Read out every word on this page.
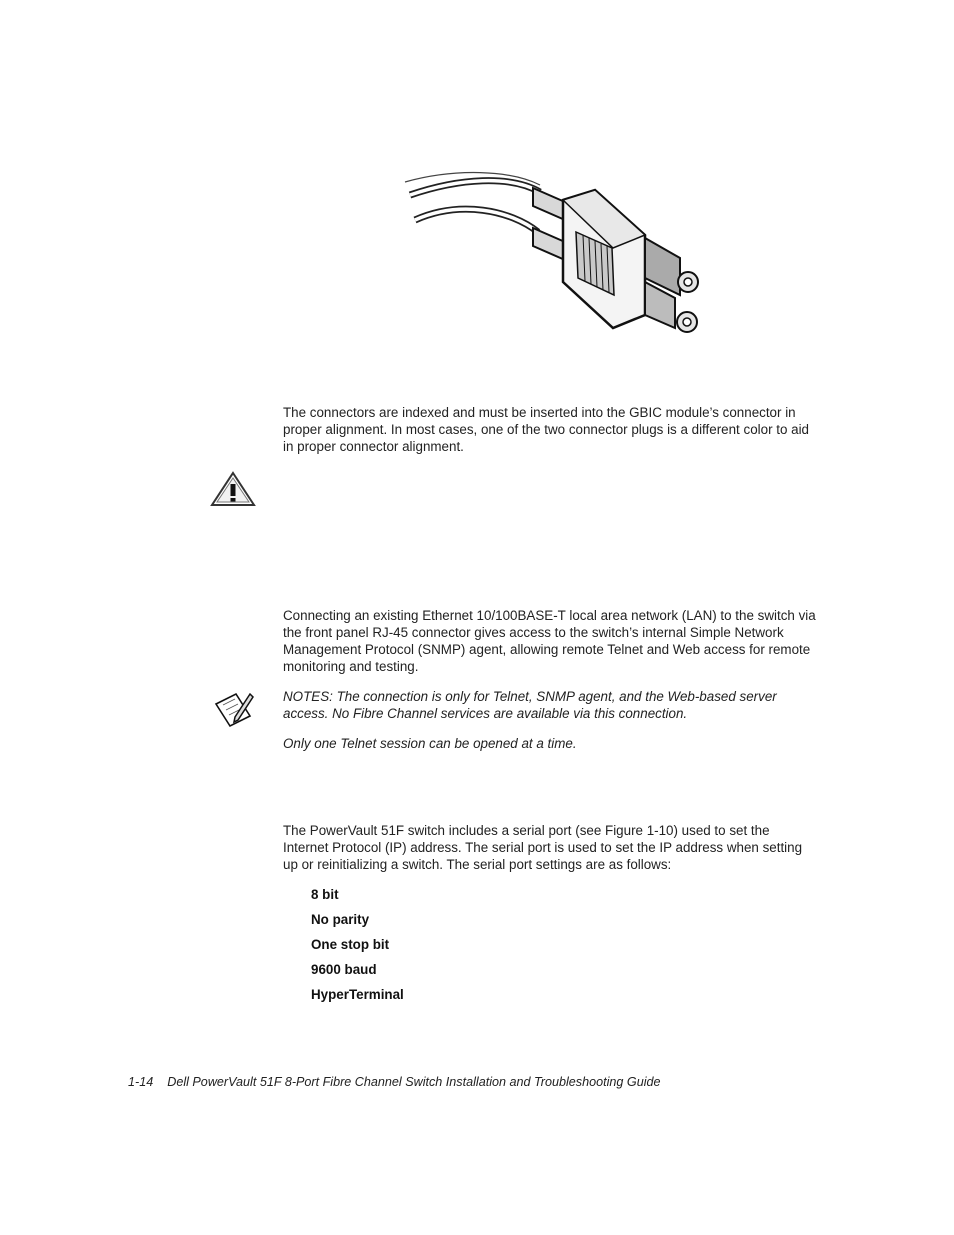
The connectors are indexed and must be inserted into the GBIC module’s connector in proper alignment. In most cases, one of the two connector plugs is a different color to aid in proper connector alignment.

Connecting an existing Ethernet 10/100BASE-T local area network (LAN) to the switch via the front panel RJ-45 connector gives access to the switch’s internal Simple Network Management Protocol (SNMP) agent, allowing remote Telnet and Web access for remote monitoring and testing.

NOTES: The connection is only for Telnet, SNMP agent, and the Web-based server access. No Fibre Channel services are available via this connection.

Only one Telnet session can be opened at a time.

The PowerVault 51F switch includes a serial port (see Figure 1-10) used to set the Internet Protocol (IP) address. The serial port is used to set the IP address when setting up or reinitializing a switch. The serial port settings are as follows:

8 bit
No parity
One stop bit
9600 baud
HyperTerminal
1-14 Dell PowerVault 51F 8-Port Fibre Channel Switch Installation and Troubleshooting Guide
